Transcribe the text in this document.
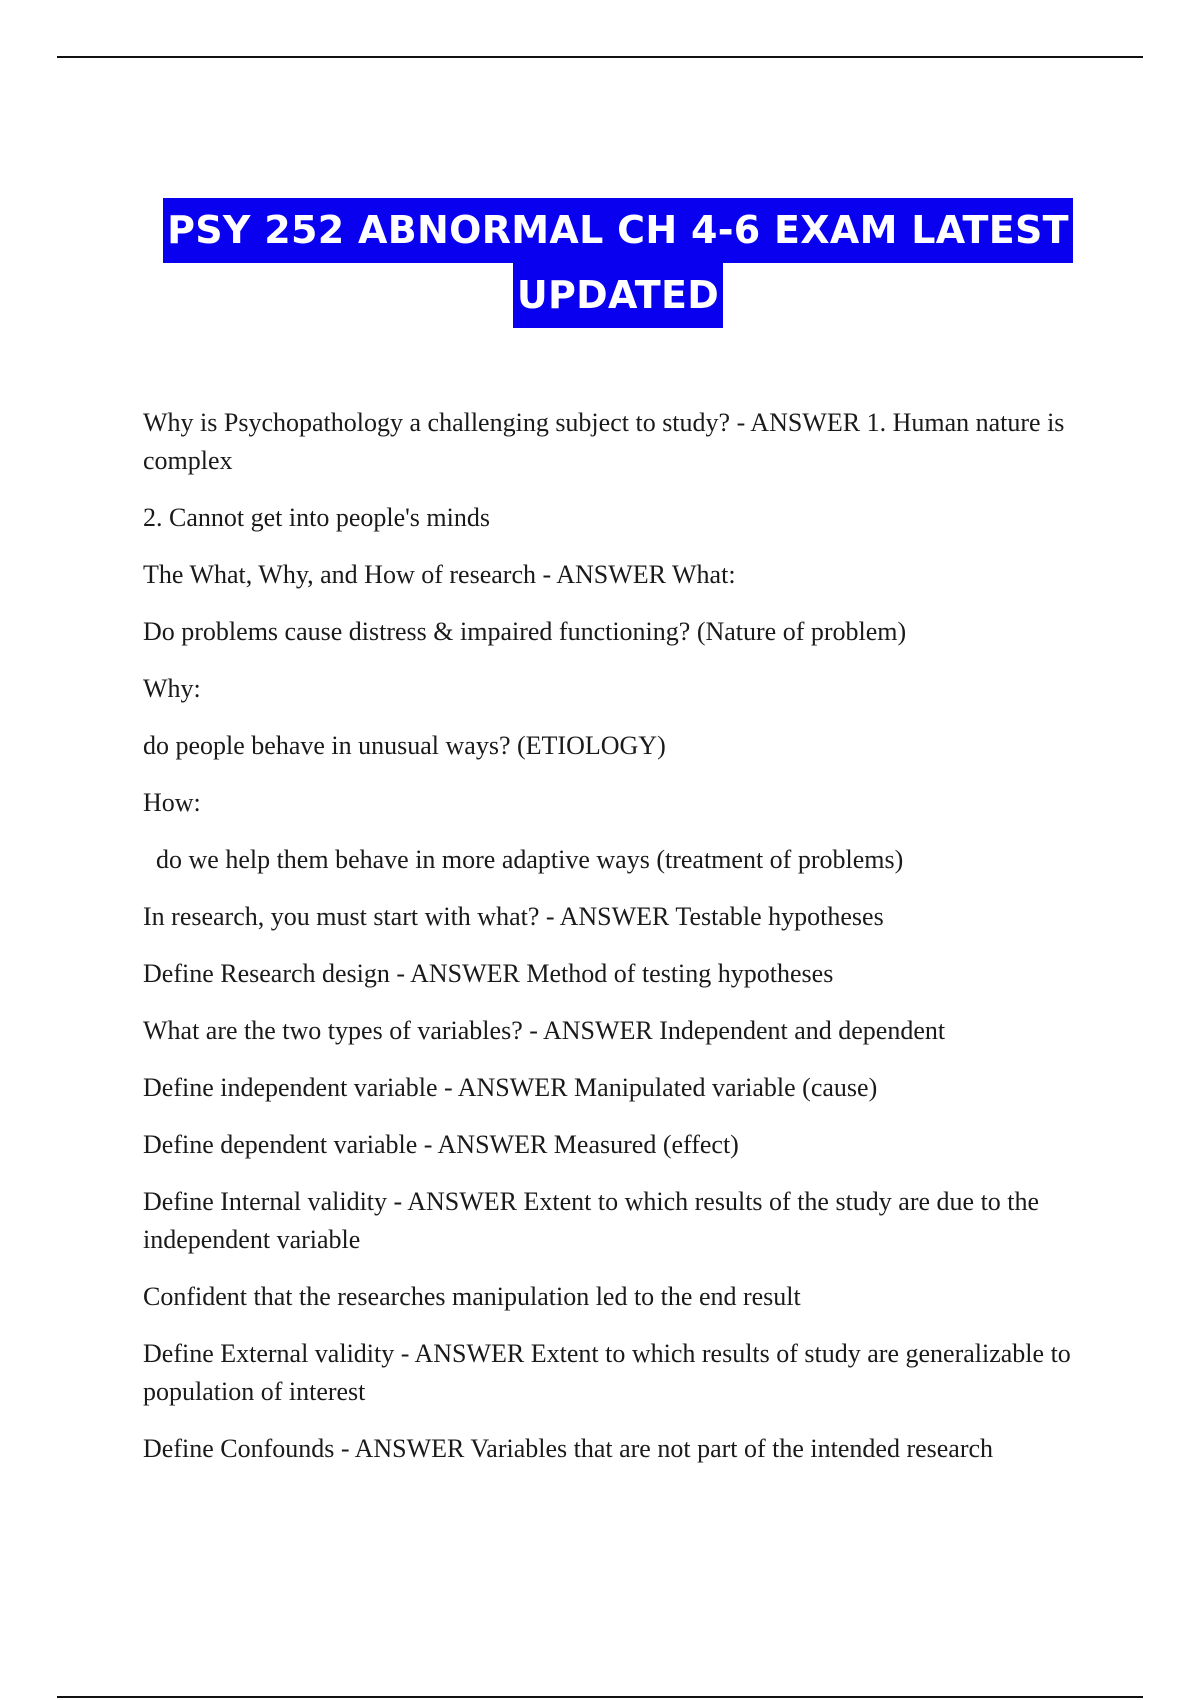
PSY 252 ABNORMAL CH 4-6 EXAM LATEST
UPDATED

Why is Psychopathology a challenging subject to study? - ANSWER 1. Human nature is complex

2. Cannot get into people's minds

The What, Why, and How of research - ANSWER What:

Do problems cause distress & impaired functioning? (Nature of problem)

Why:

do people behave in unusual ways? (ETIOLOGY)

How:

do we help them behave in more adaptive ways (treatment of problems)

In research, you must start with what? - ANSWER Testable hypotheses

Define Research design - ANSWER Method of testing hypotheses

What are the two types of variables? - ANSWER Independent and dependent

Define independent variable - ANSWER Manipulated variable (cause)

Define dependent variable - ANSWER Measured (effect)

Define Internal validity - ANSWER Extent to which results of the study are due to the independent variable

Confident that the researches manipulation led to the end result

Define External validity - ANSWER Extent to which results of study are generalizable to population of interest

Define Confounds - ANSWER Variables that are not part of the intended research
